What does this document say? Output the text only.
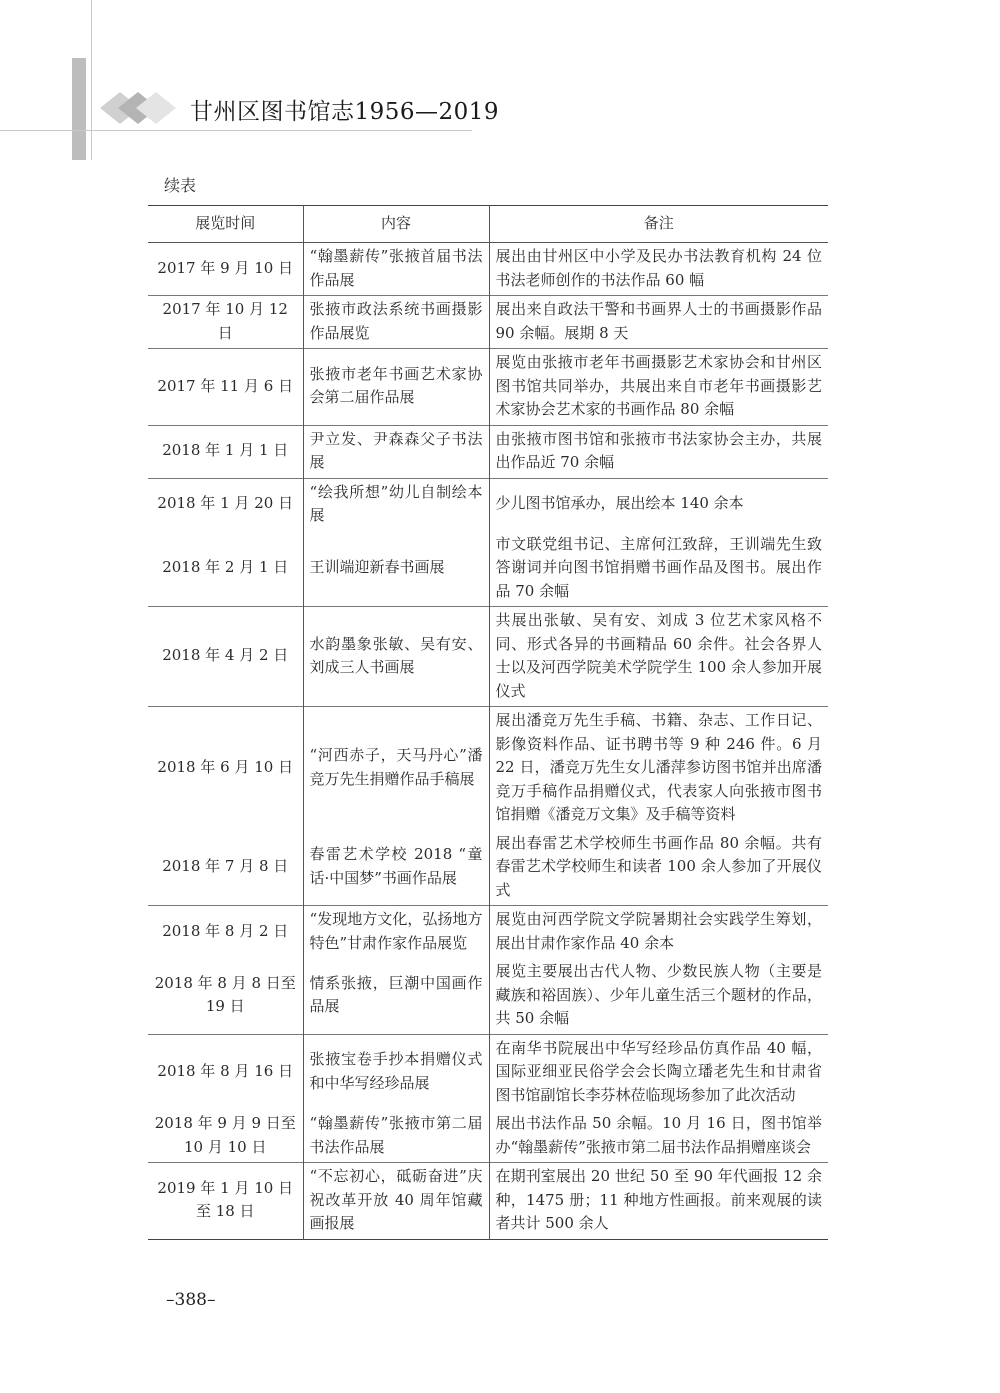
甘州区图书馆志1956—2019
续表
展览时间	内容	备注
2017 年 9 月 10 日	“翰墨薪传”张掖首届书法作品展	展出由甘州区中小学及民办书法教育机构 24 位书法老师创作的书法作品 60 幅
2017 年 10 月 12 日	张掖市政法系统书画摄影作品展览	展出来自政法干警和书画界人士的书画摄影作品 90 余幅。展期 8 天
2017 年 11 月 6 日	张掖市老年书画艺术家协会第二届作品展	展览由张掖市老年书画摄影艺术家协会和甘州区图书馆共同举办，共展出来自市老年书画摄影艺术家协会艺术家的书画作品 80 余幅
2018 年 1 月 1 日	尹立发、尹森森父子书法展	由张掖市图书馆和张掖市书法家协会主办，共展出作品近 70 余幅
2018 年 1 月 20 日	“绘我所想”幼儿自制绘本展	少儿图书馆承办，展出绘本 140 余本
2018 年 2 月 1 日	王训端迎新春书画展	市文联党组书记、主席何江致辞，王训端先生致答谢词并向图书馆捐赠书画作品及图书。展出作品 70 余幅
2018 年 4 月 2 日	水韵墨象张敏、吴有安、刘成三人书画展	共展出张敏、吴有安、刘成 3 位艺术家风格不同、形式各异的书画精品 60 余件。社会各界人士以及河西学院美术学院学生 100 余人参加开展仪式
2018 年 6 月 10 日	“河西赤子，天马丹心”潘竞万先生捐赠作品手稿展	展出潘竞万先生手稿、书籍、杂志、工作日记、影像资料作品、证书聘书等 9 种 246 件。6 月 22 日，潘竞万先生女儿潘萍参访图书馆并出席潘竞万手稿作品捐赠仪式，代表家人向张掖市图书馆捐赠《潘竞万文集》及手稿等资料
2018 年 7 月 8 日	春雷艺术学校 2018 “童话·中国梦”书画作品展	展出春雷艺术学校师生书画作品 80 余幅。共有春雷艺术学校师生和读者 100 余人参加了开展仪式
2018 年 8 月 2 日	“发现地方文化，弘扬地方特色”甘肃作家作品展览	展览由河西学院文学院暑期社会实践学生筹划，展出甘肃作家作品 40 余本
2018 年 8 月 8 日至 19 日	情系张掖，巨潮中国画作品展	展览主要展出古代人物、少数民族人物（主要是藏族和裕固族）、少年儿童生活三个题材的作品，共 50 余幅
2018 年 8 月 16 日	张掖宝卷手抄本捐赠仪式和中华写经珍品展	在南华书院展出中华写经珍品仿真作品 40 幅，国际亚细亚民俗学会会长陶立璠老先生和甘肃省图书馆副馆长李芬林莅临现场参加了此次活动
2018 年 9 月 9 日至 10 月 10 日	“翰墨薪传”张掖市第二届书法作品展	展出书法作品 50 余幅。10 月 16 日，图书馆举办“翰墨薪传”张掖市第二届书法作品捐赠座谈会
2019 年 1 月 10 日至 18 日	“不忘初心，砥砺奋进”庆祝改革开放 40 周年馆藏画报展	在期刊室展出 20 世纪 50 至 90 年代画报 12 余种，1475 册；11 种地方性画报。前来观展的读者共计 500 余人
–388–
